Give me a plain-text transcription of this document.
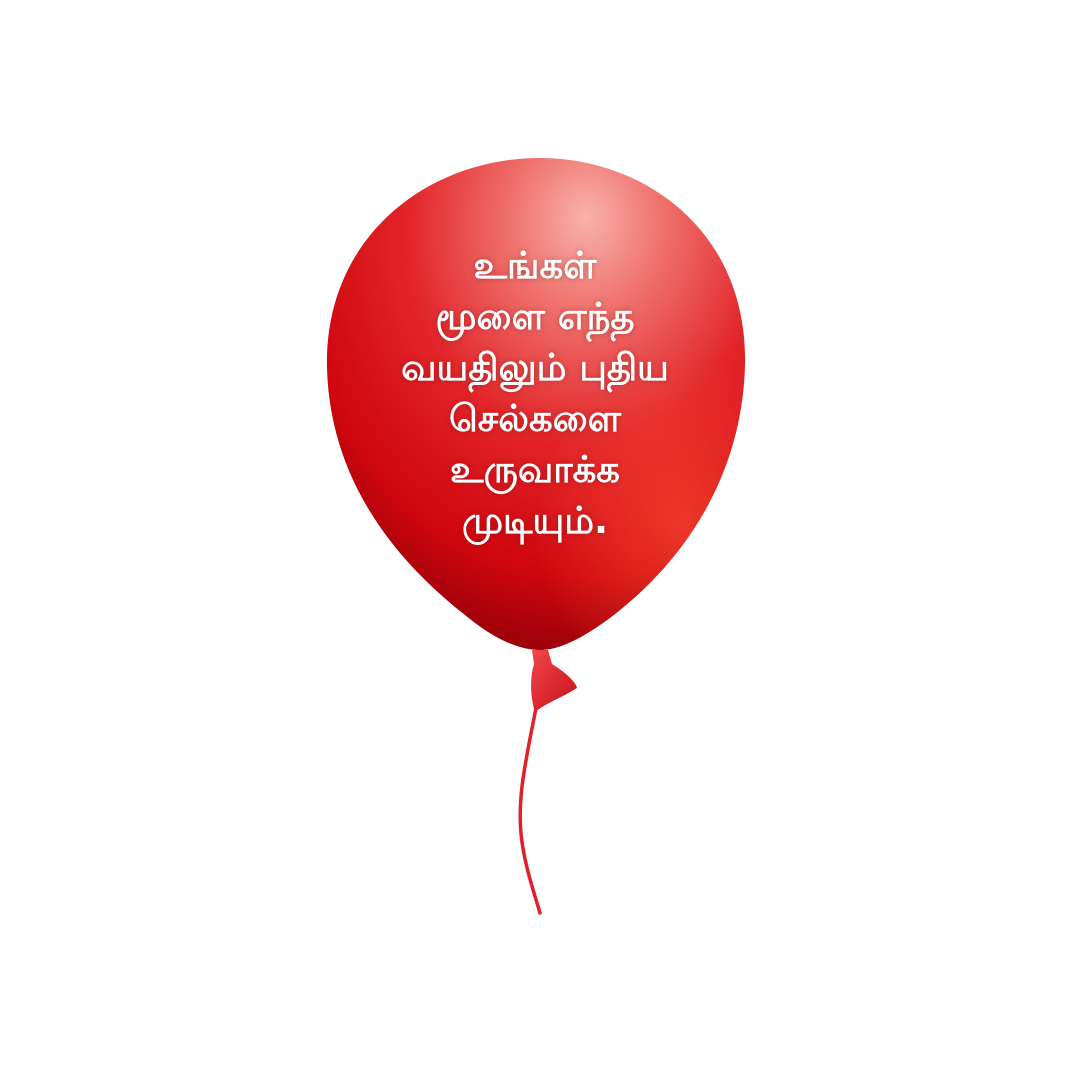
உங்கள்
மூளை எந்த
வயதிலும் புதிய
செல்களை
உருவாக்க
முடியும்.
